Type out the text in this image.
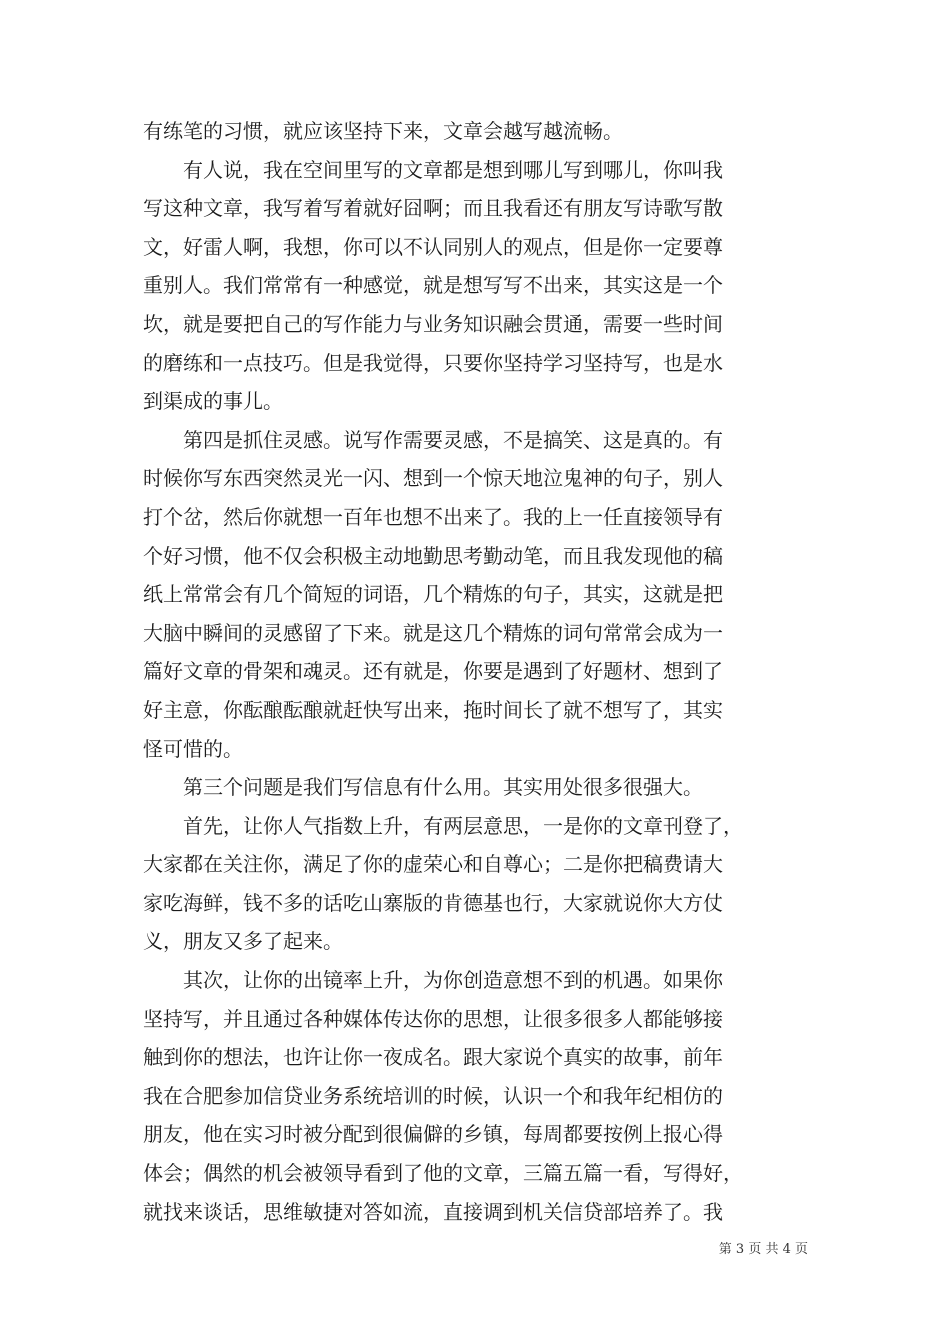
有练笔的习惯，就应该坚持下来，文章会越写越流畅。
　　有人说，我在空间里写的文章都是想到哪儿写到哪儿，你叫我
写这种文章，我写着写着就好囧啊；而且我看还有朋友写诗歌写散
文，好雷人啊，我想，你可以不认同别人的观点，但是你一定要尊
重别人。我们常常有一种感觉，就是想写写不出来，其实这是一个
坎，就是要把自己的写作能力与业务知识融会贯通，需要一些时间
的磨练和一点技巧。但是我觉得，只要你坚持学习坚持写，也是水
到渠成的事儿。
　　第四是抓住灵感。说写作需要灵感，不是搞笑、这是真的。有
时候你写东西突然灵光一闪、想到一个惊天地泣鬼神的句子，别人
打个岔，然后你就想一百年也想不出来了。我的上一任直接领导有
个好习惯，他不仅会积极主动地勤思考勤动笔，而且我发现他的稿
纸上常常会有几个简短的词语，几个精炼的句子，其实，这就是把
大脑中瞬间的灵感留了下来。就是这几个精炼的词句常常会成为一
篇好文章的骨架和魂灵。还有就是，你要是遇到了好题材、想到了
好主意，你酝酿酝酿就赶快写出来，拖时间长了就不想写了，其实
怪可惜的。
　　第三个问题是我们写信息有什么用。其实用处很多很强大。
　　首先，让你人气指数上升，有两层意思，一是你的文章刊登了，
大家都在关注你，满足了你的虚荣心和自尊心；二是你把稿费请大
家吃海鲜，钱不多的话吃山寨版的肯德基也行，大家就说你大方仗
义，朋友又多了起来。
　　其次，让你的出镜率上升，为你创造意想不到的机遇。如果你
坚持写，并且通过各种媒体传达你的思想，让很多很多人都能够接
触到你的想法，也许让你一夜成名。跟大家说个真实的故事，前年
我在合肥参加信贷业务系统培训的时候，认识一个和我年纪相仿的
朋友，他在实习时被分配到很偏僻的乡镇，每周都要按例上报心得
体会；偶然的机会被领导看到了他的文章，三篇五篇一看，写得好，
就找来谈话，思维敏捷对答如流，直接调到机关信贷部培养了。我
第 3 页 共 4 页
